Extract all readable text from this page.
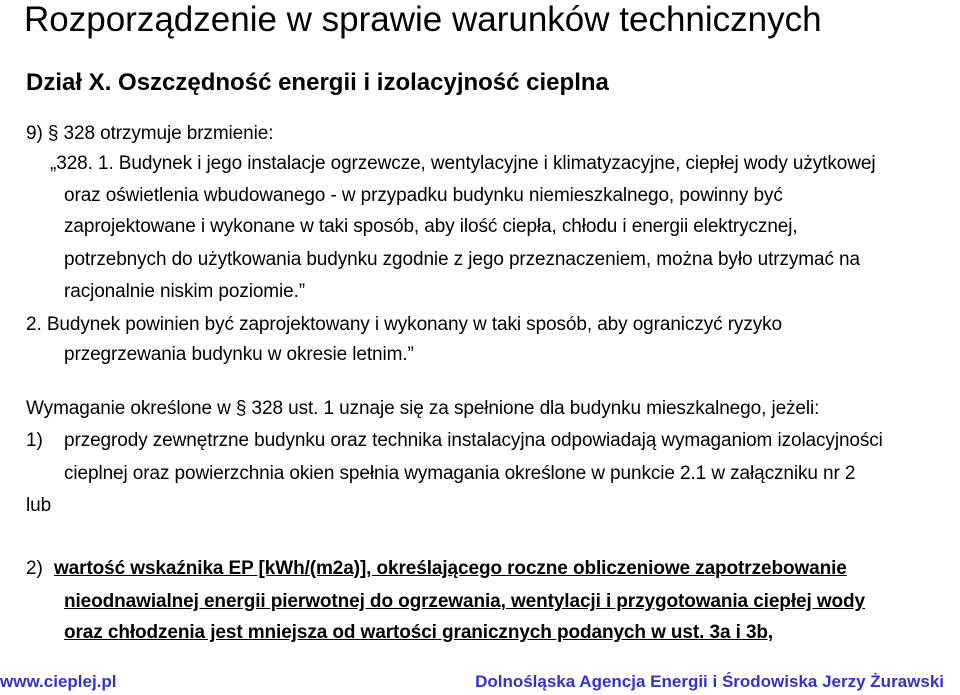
Rozporządzenie w sprawie warunków technicznych
Dział X. Oszczędność energii i izolacyjność cieplna
9) § 328 otrzymuje brzmienie:
„328. 1. Budynek i jego instalacje ogrzewcze, wentylacyjne i klimatyzacyjne, ciepłej wody użytkowej
oraz oświetlenia wbudowanego - w przypadku budynku niemieszkalnego, powinny być
zaprojektowane i wykonane w taki sposób, aby ilość ciepła, chłodu i energii elektrycznej,
potrzebnych do użytkowania budynku zgodnie z jego przeznaczeniem, można było utrzymać na
racjonalnie niskim poziomie.”
2. Budynek powinien być zaprojektowany i wykonany w taki sposób, aby ograniczyć ryzyko
przegrzewania budynku w okresie letnim.”
Wymaganie określone w § 328 ust. 1 uznaje się za spełnione dla budynku mieszkalnego, jeżeli:
1) przegrody zewnętrzne budynku oraz technika instalacyjna odpowiadają wymaganiom izolacyjności
cieplnej oraz powierzchnia okien spełnia wymagania określone w punkcie 2.1 w załączniku nr 2
lub
2) wartość wskaźnika EP [kWh/(m2a)], określającego roczne obliczeniowe zapotrzebowanie
nieodnawialnej energii pierwotnej do ogrzewania, wentylacji i przygotowania ciepłej wody
oraz chłodzenia jest mniejsza od wartości granicznych podanych w ust. 3a i 3b,
www.cieplej.pl	Dolnośląska Agencja Energii i Środowiska Jerzy Żurawski
